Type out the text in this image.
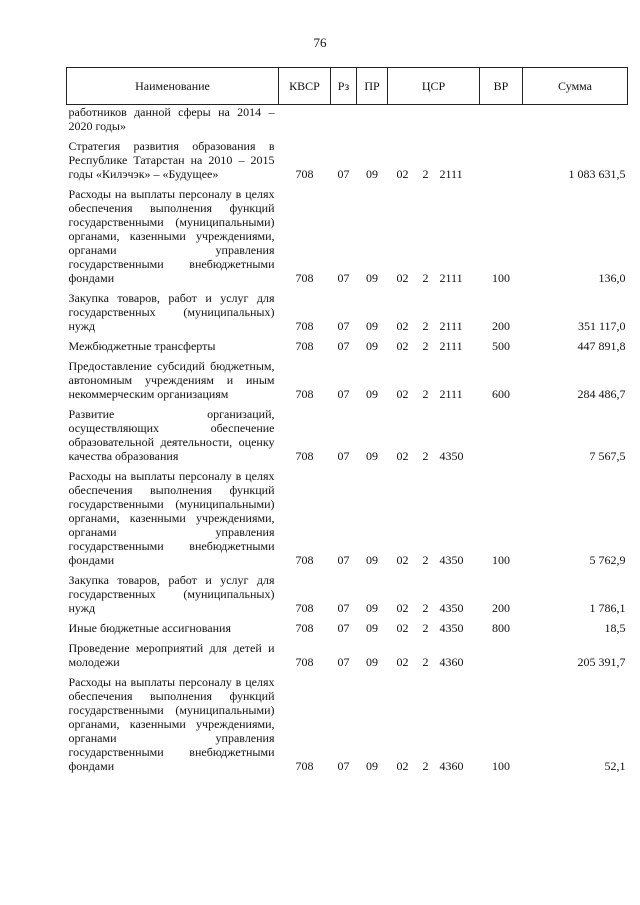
76
Наименование	КВСР	Рз	ПР	ЦСР			ВР	Сумма
работников данной сферы на 2014 – 2020 годы»								
Стратегия развития образования в Республике Татарстан на 2010 – 2015 годы «Килэчэк» – «Будущее»	708	07	09	02	2	2111		1 083 631,5
Расходы на выплаты персоналу в целях обеспечения выполнения функций государственными (муниципальными) органами, казенными учреждениями, органами управления государственными внебюджетными фондами	708	07	09	02	2	2111	100	136,0
Закупка товаров, работ и услуг для государственных (муниципальных) нужд	708	07	09	02	2	2111	200	351 117,0
Межбюджетные трансферты	708	07	09	02	2	2111	500	447 891,8
Предоставление субсидий бюджетным, автономным учреждениям и иным некоммерческим организациям	708	07	09	02	2	2111	600	284 486,7
Развитие организаций, осуществляющих обеспечение образовательной деятельности, оценку качества образования	708	07	09	02	2	4350		7 567,5
Расходы на выплаты персоналу в целях обеспечения выполнения функций государственными (муниципальными) органами, казенными учреждениями, органами управления государственными внебюджетными фондами	708	07	09	02	2	4350	100	5 762,9
Закупка товаров, работ и услуг для государственных (муниципальных) нужд	708	07	09	02	2	4350	200	1 786,1
Иные бюджетные ассигнования	708	07	09	02	2	4350	800	18,5
Проведение мероприятий для детей и молодежи	708	07	09	02	2	4360		205 391,7
Расходы на выплаты персоналу в целях обеспечения выполнения функций государственными (муниципальными) органами, казенными учреждениями, органами управления государственными внебюджетными фондами	708	07	09	02	2	4360	100	52,1
